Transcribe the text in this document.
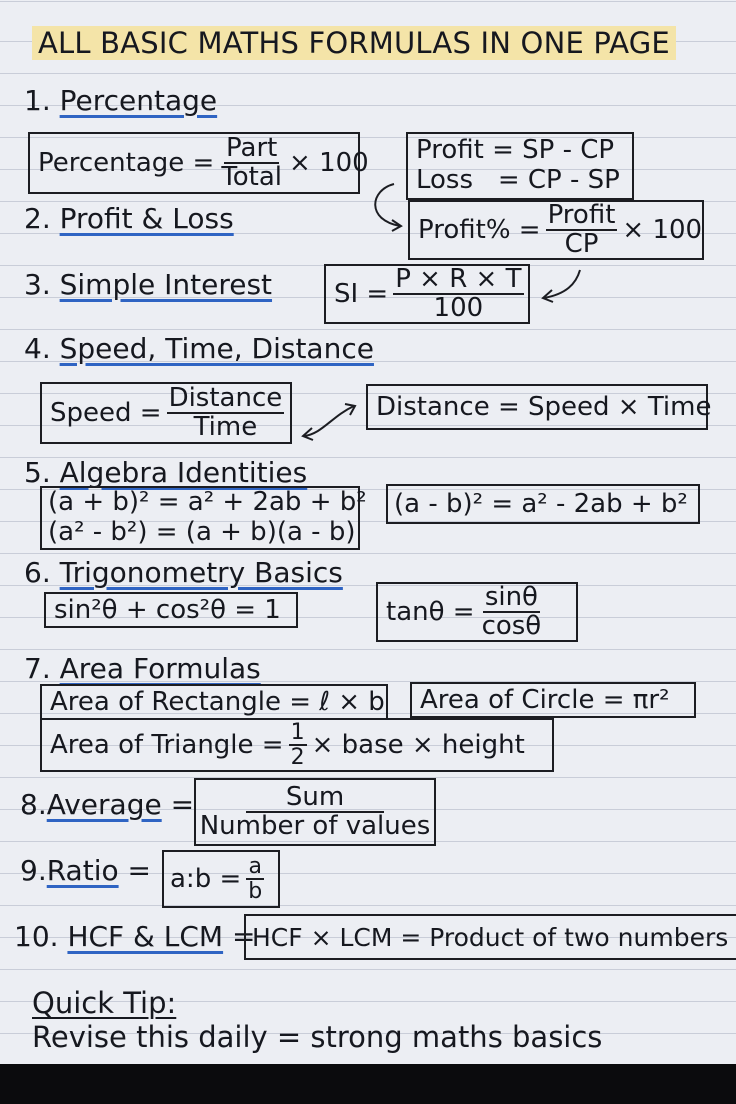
ALL BASIC MATHS FORMULAS IN ONE PAGE
1. Percentage
Percentage = $\frac{\text{Part}}{\text{Total}} \times 100$ Profit = SP - CP
Loss   = CP - SP
2. Profit & Loss	Profit% = $\frac{\text{Profit}}{CP} \times 100$
3. Simple Interest SI = $\frac{P \times R \times T}{100}$
4. Speed, Time, Distance
Speed = $\frac{\text{Distance}}{\text{Time}}$	Distance = Speed × Time
5. Algebra Identities
(a + b)² = a² + 2ab + b²
(a² - b²) = (a + b)(a - b)
(a - b)² = a² - 2ab + b²
6. Trigonometry Basics
sin²θ + cos²θ = 1	$\tan\theta = \frac{\sin\theta}{\cos\theta}$
7. Area Formulas
Area of Rectangle = ℓ × b Area of Circle = πr²
Area of Triangle = $\frac{1}{2}$ × base × height
8.Average = $\frac{\text{Sum}}{\text{Number of values}}$
9.Ratio = a:b = $\frac{a}{b}$
10. HCF & LCM =
HCF × LCM = Product of two numbers
Quick Tip:
Revise this daily = strong maths basics
